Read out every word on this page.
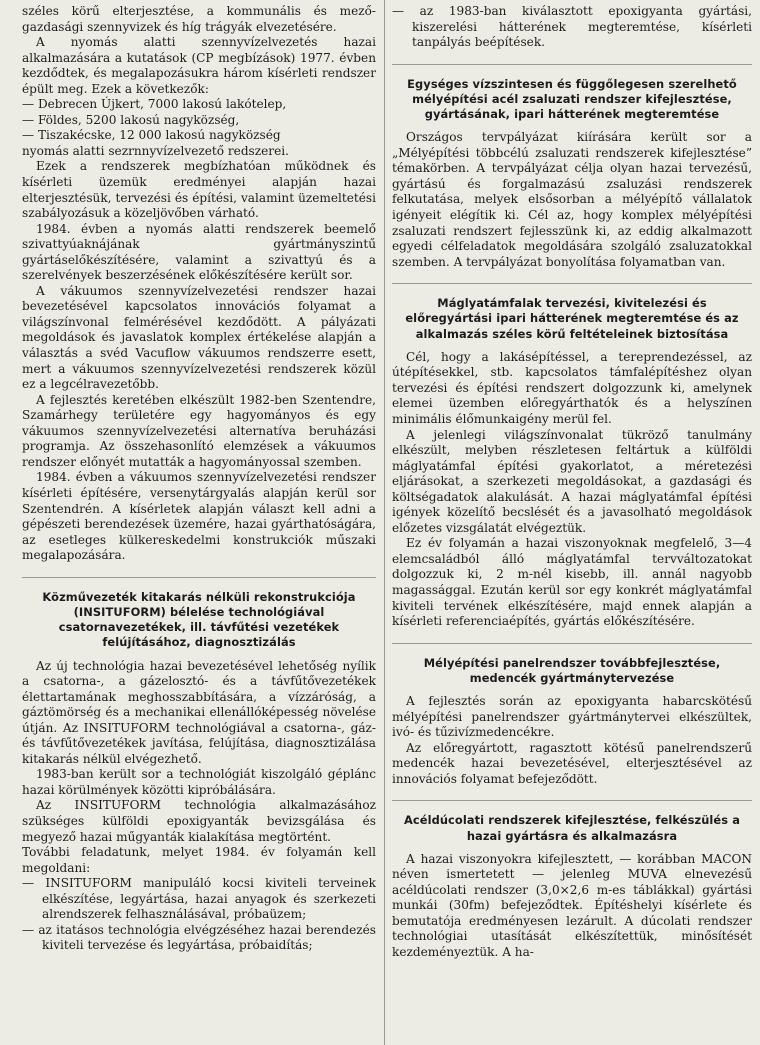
széles körű elterjesztése, a kommunális és mező-gazdasági szennyvizek és híg trágyák elvezetésére.

A nyomás alatti szennyvízelvezetés hazai alkalmazására a kutatások (CP megbízások) 1977. évben kezdődtek, és megalapozásukra három kísérleti rendszer épült meg. Ezek a következők:

— Debrecen Újkert, 7000 lakosú lakótelep,

— Földes, 5200 lakosú nagyközség,

— Tiszakécske, 12 000 lakosú nagyközség

nyomás alatti sezrnnyvízelvezető redszerei.

Ezek a rendszerek megbízhatóan működnek és kísérleti üzemük eredményei alapján hazai elterjesztésük, tervezési és építési, valamint üzemeltetési szabályozásuk a közeljövőben várható.

1984. évben a nyomás alatti rendszerek beemelő szivattyúaknájának gyártmányszintű gyártáselőkészítésére, valamint a szivattyú és a szerelvények beszerzésének előkészítésére került sor.

A vákuumos szennyvízelvezetési rendszer hazai bevezetésével kapcsolatos innovációs folyamat a világszínvonal felmérésével kezdődött. A pályázati megoldások és javaslatok komplex értékelése alapján a választás a svéd Vacuflow vákuumos rendszerre esett, mert a vákuumos szennyvízelvezetési rendszerek közül ez a legcélravezetőbb.

A fejlesztés keretében elkészült 1982-ben Szentendre, Szamárhegy területére egy hagyományos és egy vákuumos szennyvízelvezetési alternatíva beruházási programja. Az összehasonlító elemzések a vákuumos rendszer előnyét mutatták a hagyományossal szemben.

1984. évben a vákuumos szennyvízelvezetési rendszer kísérleti építésére, versenytárgyalás alapján kerül sor Szentendrén. A kísérletek alapján választ kell adni a gépészeti berendezések üzemére, hazai gyárthatóságára, az esetleges külkereskedelmi konstrukciók műszaki megalapozására.

Közművezeték kitakarás nélküli rekonstrukciója (INSITUFORM) bélelése technológiával csatornavezetékek, ill. távfűtési vezetékek felújításához, diagnosztizálás

Az új technológia hazai bevezetésével lehetőség nyílik a csatorna-, a gázelosztó- és a távfűtővezetékek élettartamának meghosszabbítására, a vízzáróság, a gáztömörség és a mechanikai ellenállóképesség növelése útján. Az INSITUFORM technológiával a csatorna-, gáz- és távfűtővezetékek javítása, felújítása, diagnosztizálása kitakarás nélkül elvégezhető.

1983-ban került sor a technológiát kiszolgáló géplánc hazai körülmények közötti kipróbálására.

Az INSITUFORM technológia alkalmazásához szükséges külföldi epoxigyanták bevizsgálása és megyező hazai műgyanták kialakítása megtörtént.

További feladatunk, melyet 1984. év folyamán kell megoldani:

— INSITUFORM manipuláló kocsi kiviteli terveinek elkészítése, legyártása, hazai anyagok és szerkezeti alrendszerek felhasználásával, próbaüzem;

— az itatásos technológia elvégzéséhez hazai berendezés kiviteli tervezése és legyártása, próbaidítás;

— az 1983-ban kiválasztott epoxigyanta gyártási, kiszerelési hátterének megteremtése, kísérleti tanpályás beépítések.

Egységes vízszintesen és függőlegesen szerelhető mélyépítési acél zsaluzati rendszer kifejlesztése, gyártásának, ipari hátterének megteremtése

Országos tervpályázat kiírására került sor a „Mélyépítési többcélú zsaluzati rendszerek kifejlesztése” témakörben. A tervpályázat célja olyan hazai tervezésű, gyártású és forgalmazású zsaluzási rendszerek felkutatása, melyek elsősorban a mélyépítő vállalatok igényeit elégítik ki. Cél az, hogy komplex mélyépítési zsaluzati rendszert fejlesszünk ki, az eddig alkalmazott egyedi célfeladatok megoldására szolgáló zsaluzatokkal szemben. A tervpályázat bonyolítása folyamatban van.

Máglyatámfalak tervezési, kivitelezési és előregyártási ipari hátterének megteremtése és az alkalmazás széles körű feltételeinek biztosítása

Cél, hogy a lakásépítéssel, a tereprendezéssel, az útépítésekkel, stb. kapcsolatos támfalépítéshez olyan tervezési és építési rendszert dolgozzunk ki, amelynek elemei üzemben előregyárthatók és a helyszínen minimális élőmunkaigény merül fel.

A jelenlegi világszínvonalat tükröző tanulmány elkészült, melyben részletesen feltártuk a külföldi máglyatámfal építési gyakorlatot, a méretezési eljárásokat, a szerkezeti megoldásokat, a gazdasági és költségadatok alakulását. A hazai máglyatámfal építési igények közelítő becslését és a javasolható megoldások előzetes vizsgálatát elvégeztük.

Ez év folyamán a hazai viszonyoknak megfelelő, 3—4 elemcsaládból álló máglyatámfal tervváltozatokat dolgozzuk ki, 2 m-nél kisebb, ill. annál nagyobb magassággal. Ezután kerül sor egy konkrét máglyatámfal kiviteli tervének elkészítésére, majd ennek alapján a kísérleti referenciaépítés, gyártás előkészítésére.

Mélyépítési panelrendszer továbbfejlesztése, medencék gyártmánytervezése

A fejlesztés során az epoxigyanta habarcskötésű mélyépítési panelrendszer gyártmánytervei elkészültek, ivó- és tűzivízmedencékre.

Az előregyártott, ragasztott kötésű panelrendszerű medencék hazai bevezetésével, elterjesztésével az innovációs folyamat befejeződött.

Acéldúcolati rendszerek kifejlesztése, felkészülés a hazai gyártásra és alkalmazásra

A hazai viszonyokra kifejlesztett, — korábban MACON néven ismertetett — jelenleg MUVA elnevezésű acéldúcolati rendszer (3,0×2,6 m-es táblákkal) gyártási munkái (30fm) befejeződtek. Építéshelyi kísérlete és bemutatója eredményesen lezárult. A dúcolati rendszer technológiai utasítását elkészítettük, minősítését kezdeményeztük. A ha-
